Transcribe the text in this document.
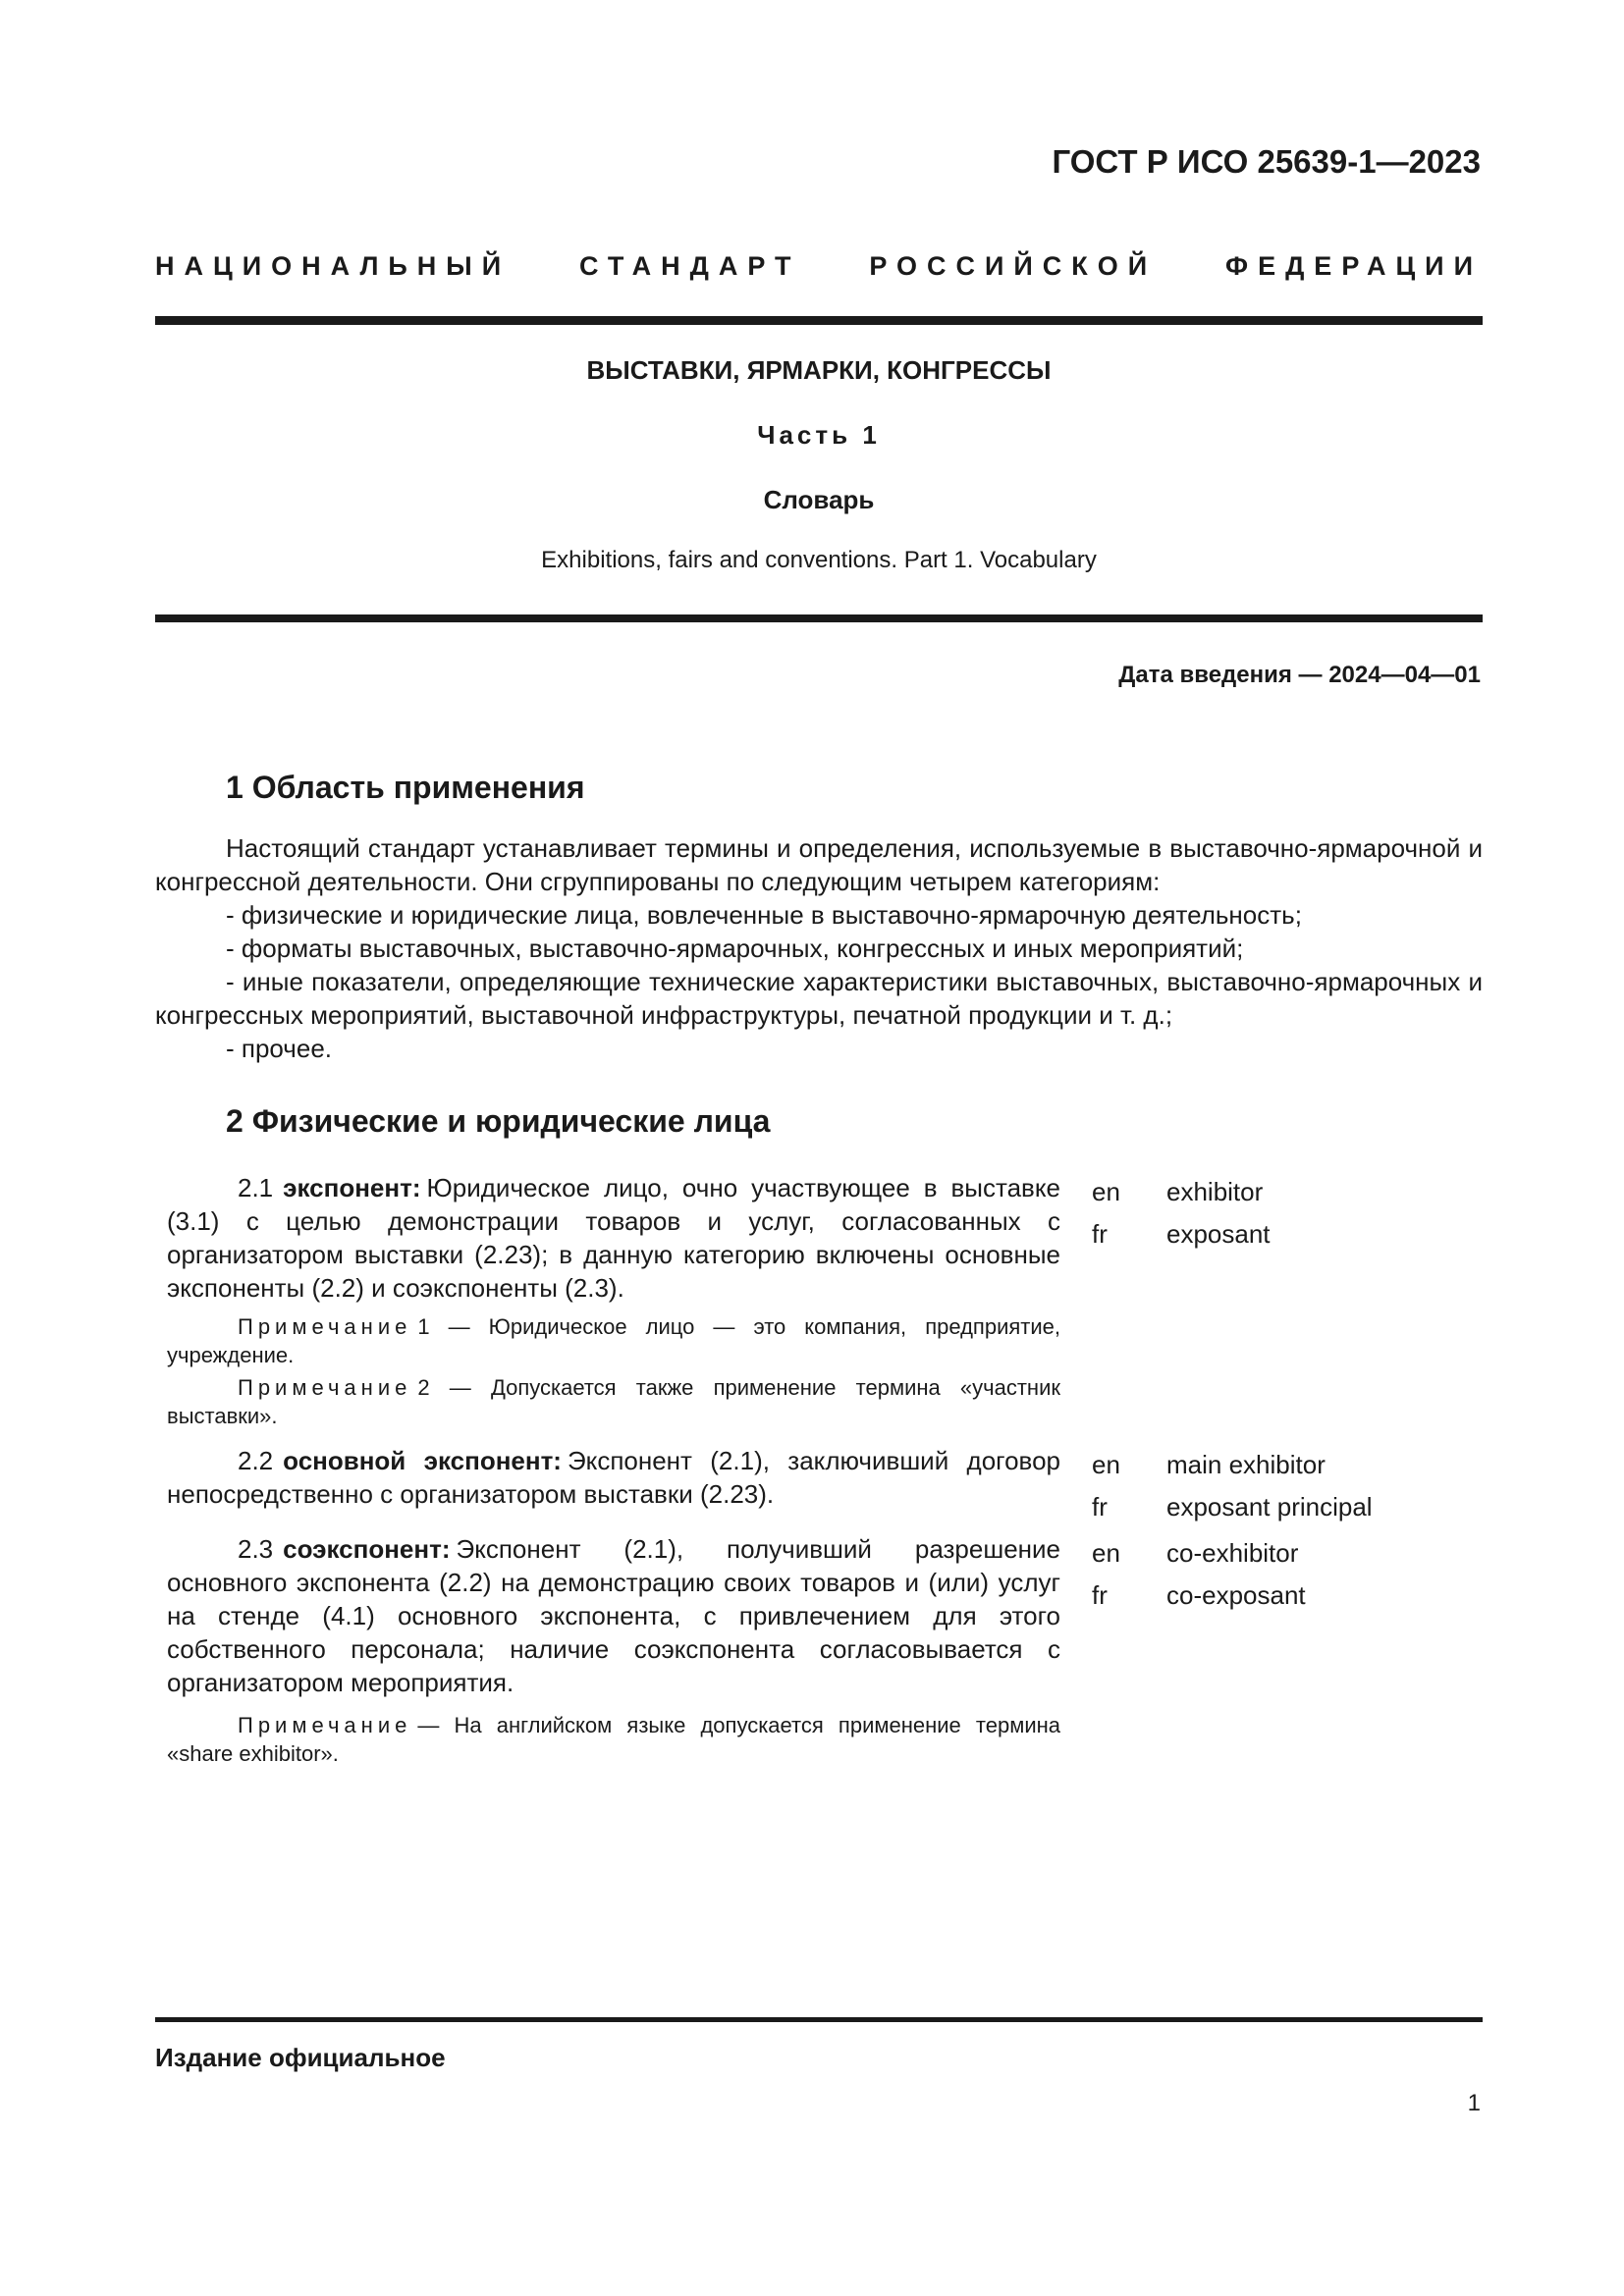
ГОСТ Р ИСО 25639-1—2023
НАЦИОНАЛЬНЫЙ СТАНДАРТ РОССИЙСКОЙ ФЕДЕРАЦИИ
ВЫСТАВКИ, ЯРМАРКИ, КОНГРЕССЫ
Часть 1
Словарь
Exhibitions, fairs and conventions. Part 1. Vocabulary
Дата введения — 2024—04—01
1 Область применения

Настоящий стандарт устанавливает термины и определения, используемые в выставочно-ярмарочной и конгрессной деятельности. Они сгруппированы по следующим четырем категориям:

- физические и юридические лица, вовлеченные в выставочно-ярмарочную деятельность;

- форматы выставочных, выставочно-ярмарочных, конгрессных и иных мероприятий;

- иные показатели, определяющие технические характеристики выставочных, выставочно-ярмарочных и конгрессных мероприятий, выставочной инфраструктуры, печатной продукции и т. д.;

- прочее.

2 Физические и юридические лица

2.1 экспонент: Юридическое лицо, очно участвующее в выставке (3.1) с целью демонстрации товаров и услуг, согласованных с организатором выставки (2.23); в данную категорию включены основные экспоненты (2.2) и соэкспоненты (2.3).

Примечание 1 — Юридическое лицо — это компания, предприятие, учреждение.

Примечание 2 — Допускается также применение термина «участник выставки».

en	exhibitor
fr	exposant

2.2 основной экспонент: Экспонент (2.1), заключивший договор непосредственно с организатором выставки (2.23).

en	main exhibitor
fr	exposant principal

2.3 соэкспонент: Экспонент (2.1), получивший разрешение основного экспонента (2.2) на демонстрацию своих товаров и (или) услуг на стенде (4.1) основного экспонента, с привлечением для этого собственного персонала; наличие соэкспонента согласовывается с организатором мероприятия.

Примечание — На английском языке допускается применение термина «share exhibitor».

en	co-exhibitor
fr	co-exposant
Издание официальное
1
